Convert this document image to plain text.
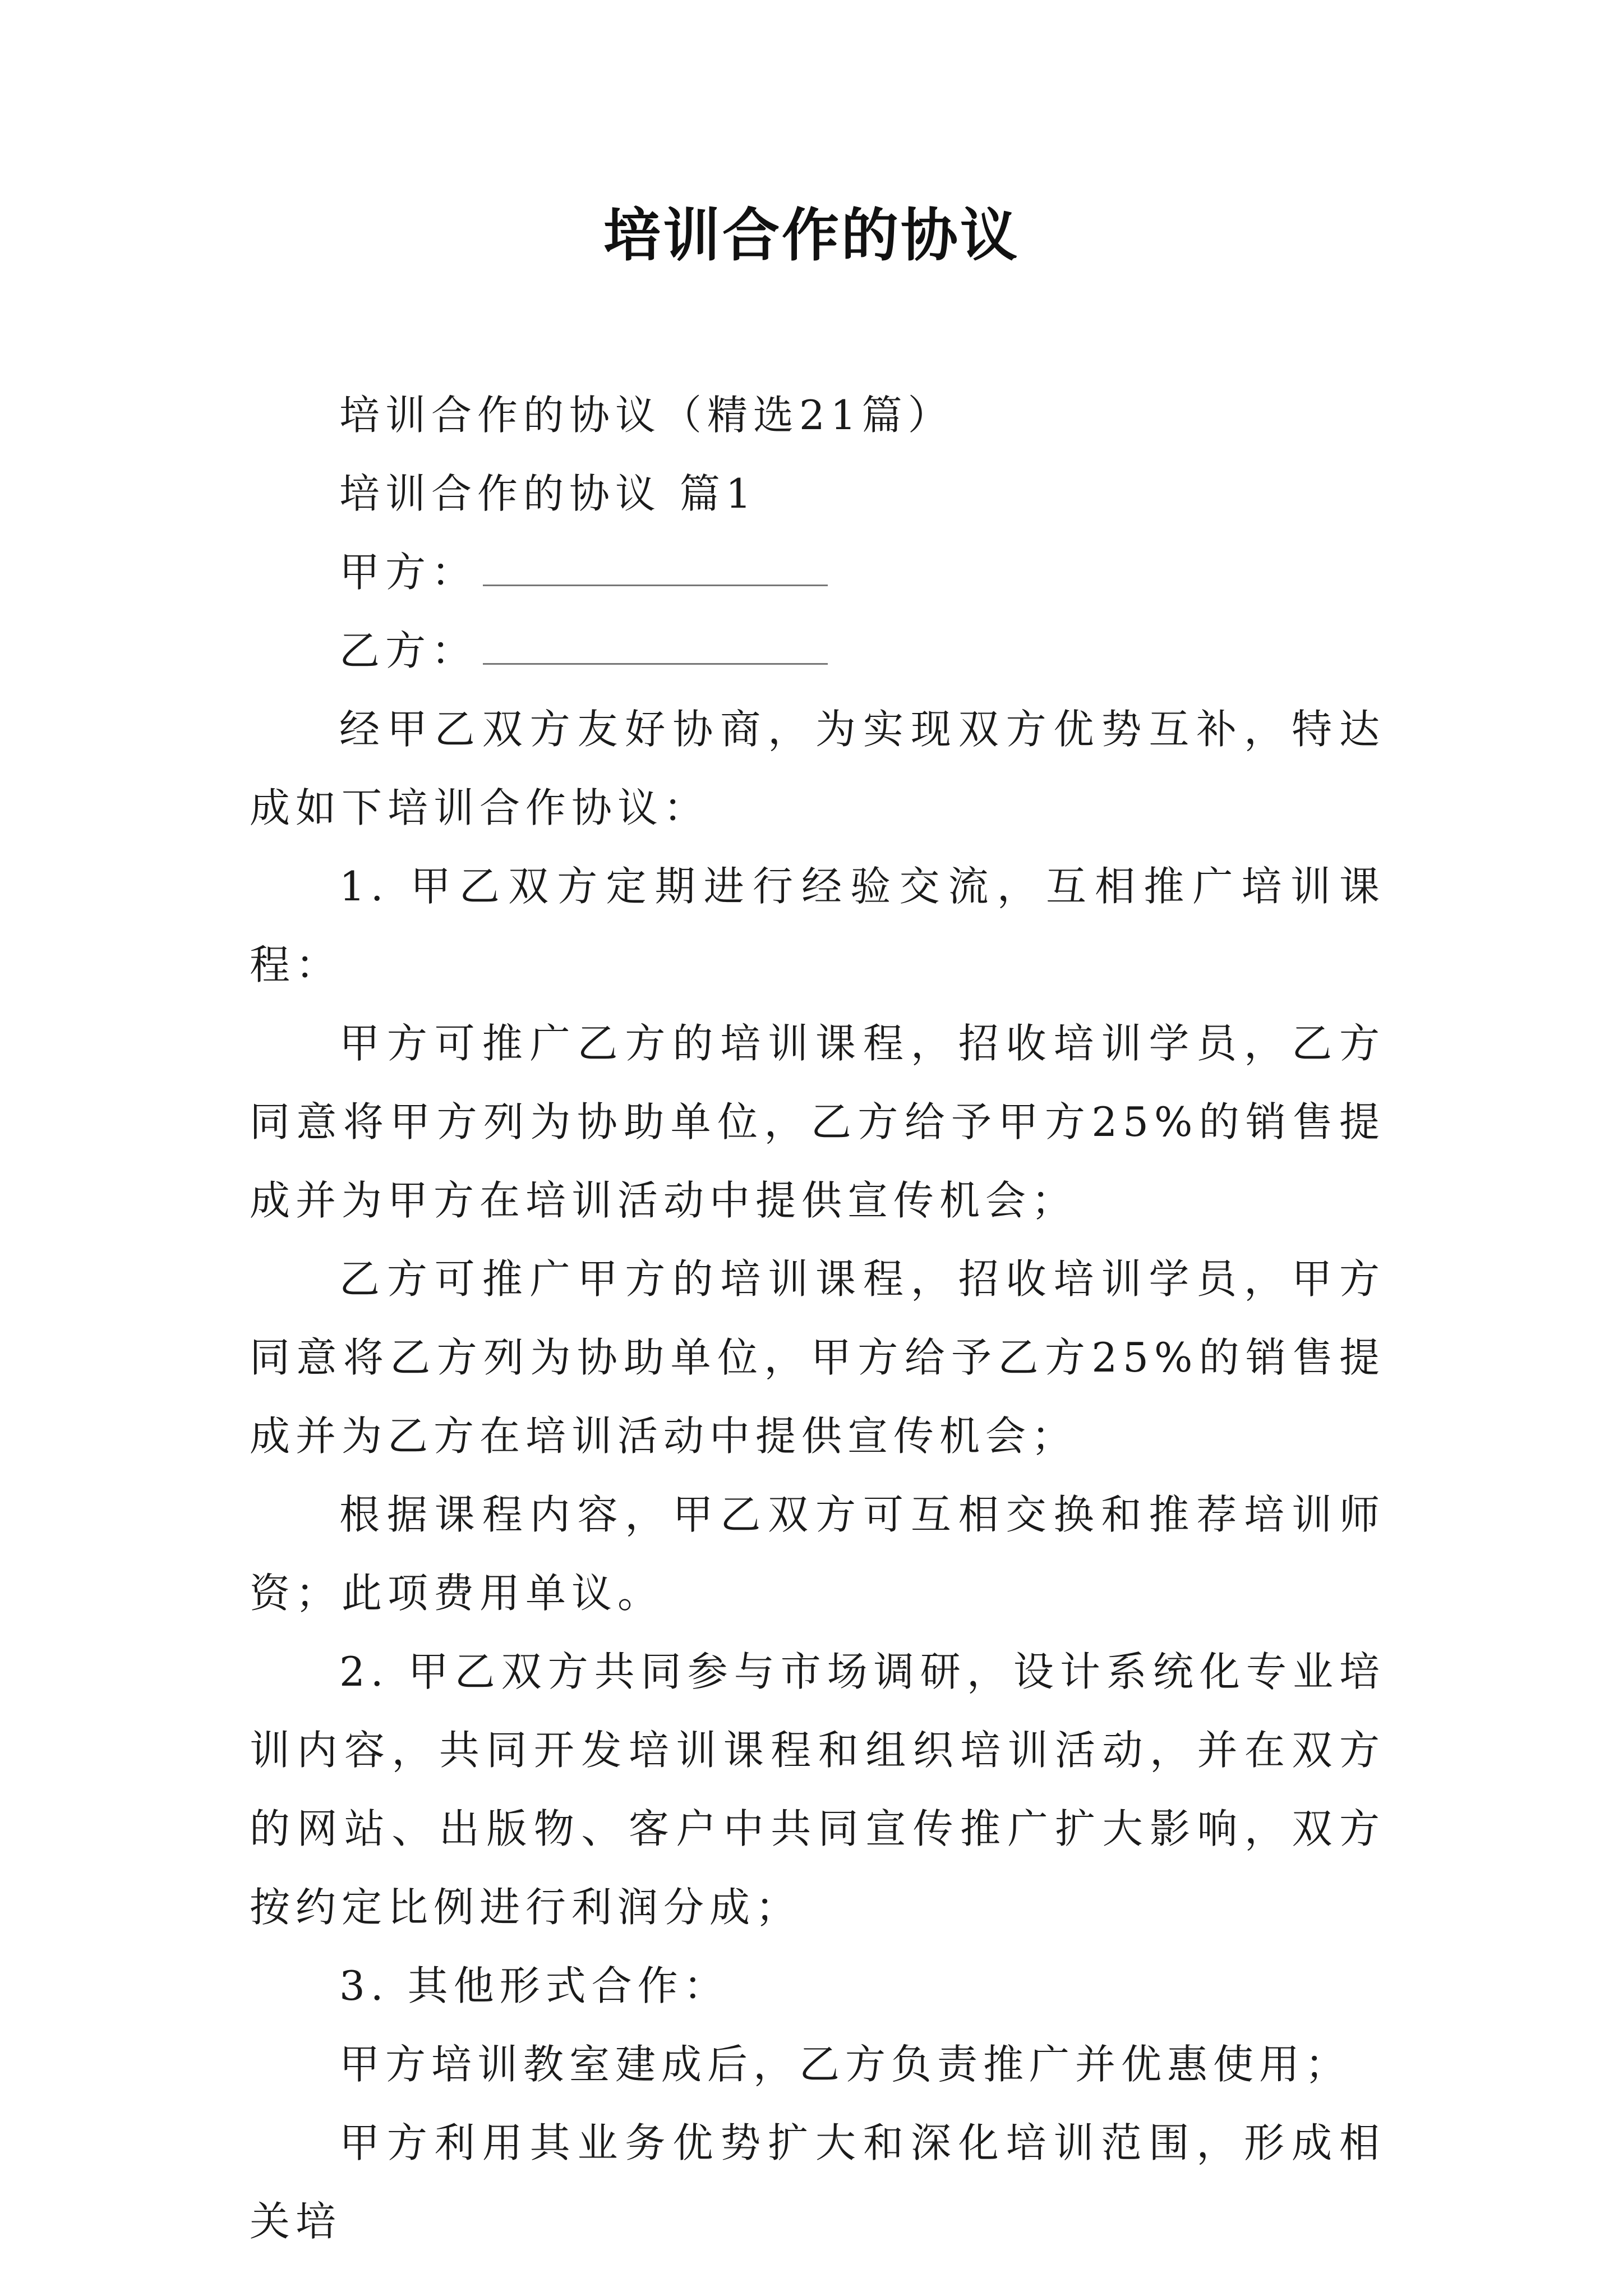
培训合作的协议

培训合作的协议（精选21篇）

培训合作的协议 篇1

甲方：

乙方：

经甲乙双方友好协商，为实现双方优势互补，特达成如下培训合作协议：

1. 甲乙双方定期进行经验交流，互相推广培训课程：

甲方可推广乙方的培训课程，招收培训学员，乙方同意将甲方列为协助单位，乙方给予甲方25%的销售提成并为甲方在培训活动中提供宣传机会；

乙方可推广甲方的培训课程，招收培训学员，甲方同意将乙方列为协助单位，甲方给予乙方25%的销售提成并为乙方在培训活动中提供宣传机会；

根据课程内容，甲乙双方可互相交换和推荐培训师资；此项费用单议。

2. 甲乙双方共同参与市场调研，设计系统化专业培训内容，共同开发培训课程和组织培训活动，并在双方的网站、出版物、客户中共同宣传推广扩大影响，双方按约定比例进行利润分成；

3. 其他形式合作：

甲方培训教室建成后，乙方负责推广并优惠使用；

甲方利用其业务优势扩大和深化培训范围，形成相关培
